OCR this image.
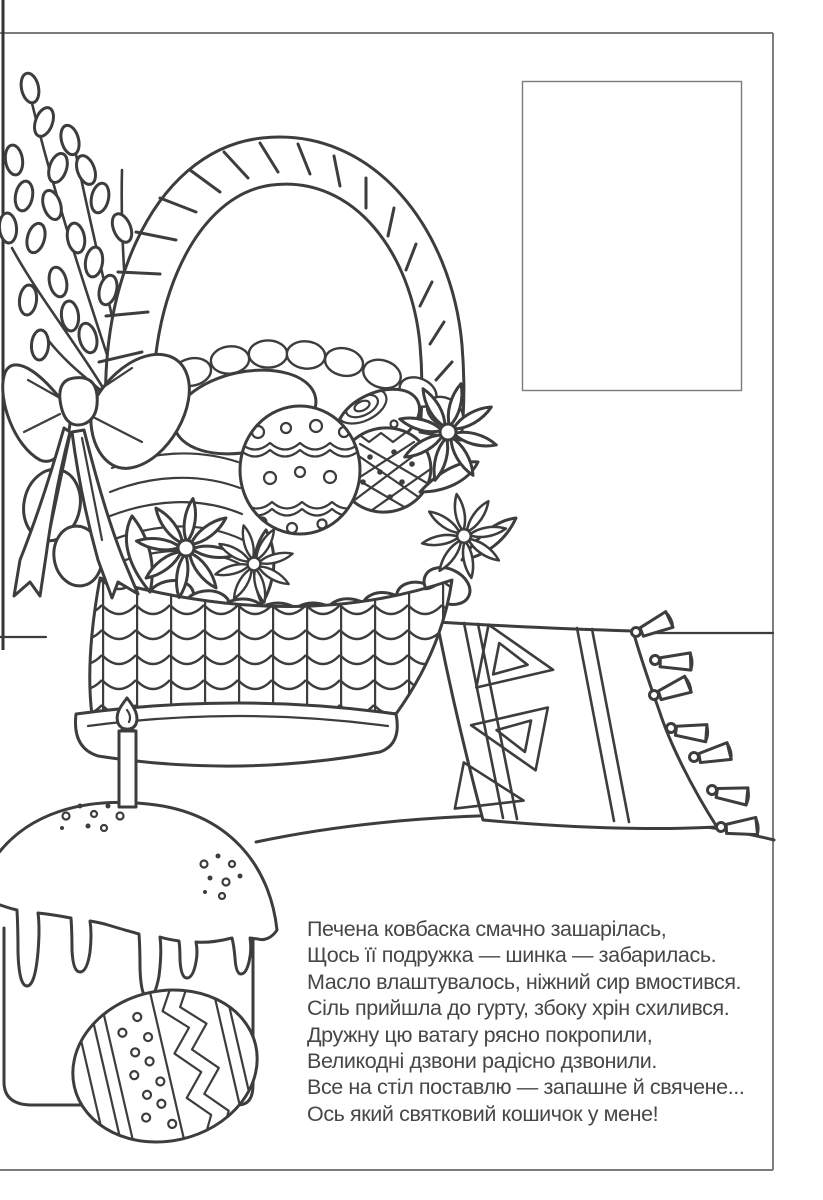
Печена ковбаска смачно зашарілась,
Щось її подружка — шинка — забарилась.
Масло влаштувалось, ніжний сир вмостився.
Сіль прийшла до гурту, збоку хрін схилився.
Дружну цю ватагу рясно покропили,
Великодні дзвони радісно дзвонили.
Все на стіл поставлю — запашне й свячене...
Ось який святковий кошичок у мене!
